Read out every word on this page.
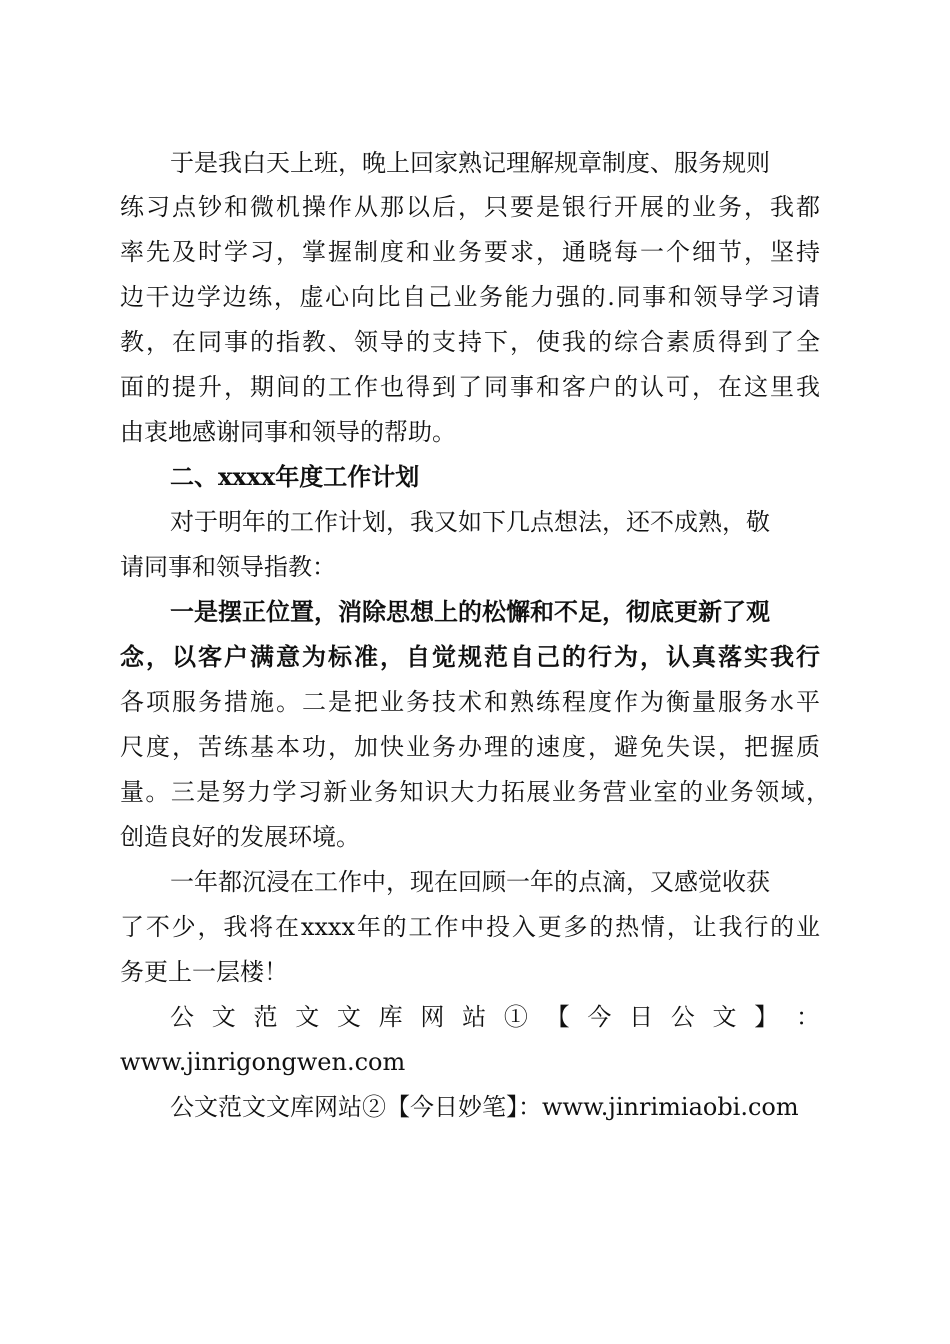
于是我白天上班，晚上回家熟记理解规章制度、服务规则
练习点钞和微机操作从那以后，只要是银行开展的业务，我都
率先及时学习，掌握制度和业务要求，通晓每一个细节，坚持
边干边学边练，虚心向比自己业务能力强的.同事和领导学习请
教，在同事的指教、领导的支持下，使我的综合素质得到了全
面的提升，期间的工作也得到了同事和客户的认可，在这里我
由衷地感谢同事和领导的帮助。
二、xxxx年度工作计划
对于明年的工作计划，我又如下几点想法，还不成熟，敬
请同事和领导指教：
一是摆正位置，消除思想上的松懈和不足，彻底更新了观
念，以客户满意为标准，自觉规范自己的行为，认真落实我行
各项服务措施。二是把业务技术和熟练程度作为衡量服务水平
尺度，苦练基本功，加快业务办理的速度，避免失误，把握质
量。三是努力学习新业务知识大力拓展业务营业室的业务领域，
创造良好的发展环境。
一年都沉浸在工作中，现在回顾一年的点滴，又感觉收获
了不少，我将在xxxx年的工作中投入更多的热情，让我行的业
务更上一层楼！
公 文 范 文 文 库 网 站 ① 【 今 日 公 文 】 ：
www.jinrigongwen.com
公文范文文库网站②【今日妙笔】：www.jinrimiaobi.com
